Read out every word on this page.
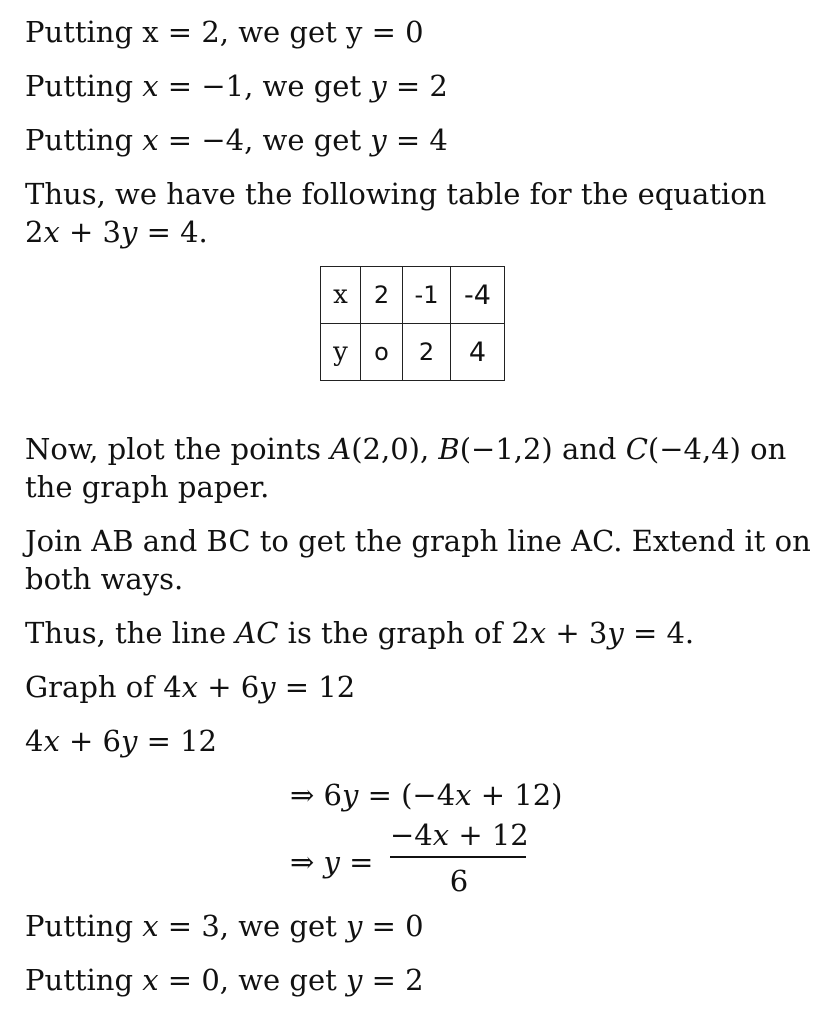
Putting x = 2, we get y = 0
Putting 𝑥 = −1, we get 𝑦 = 2
Putting 𝑥 = −4, we get 𝑦 = 4
Thus, we have the following table for the equation
2𝑥 + 3𝑦 = 4.
x	2	-1	-4
y	o	2	4
Now, plot the points 𝐴(2,0), 𝐵(−1,2) and 𝐶(−4,4) on
the graph paper.
Join AB and BC to get the graph line AC. Extend it on
both ways.
Thus, the line 𝐴𝐶 is the graph of 2𝑥 + 3𝑦 = 4.
Graph of 4𝑥 + 6𝑦 = 12
4𝑥 + 6𝑦 = 12
⇒ 6𝑦 = (−4𝑥 + 12)
⇒ 𝑦 =
−4𝑥 + 12
6
Putting 𝑥 = 3, we get 𝑦 = 0
Putting 𝑥 = 0, we get 𝑦 = 2
